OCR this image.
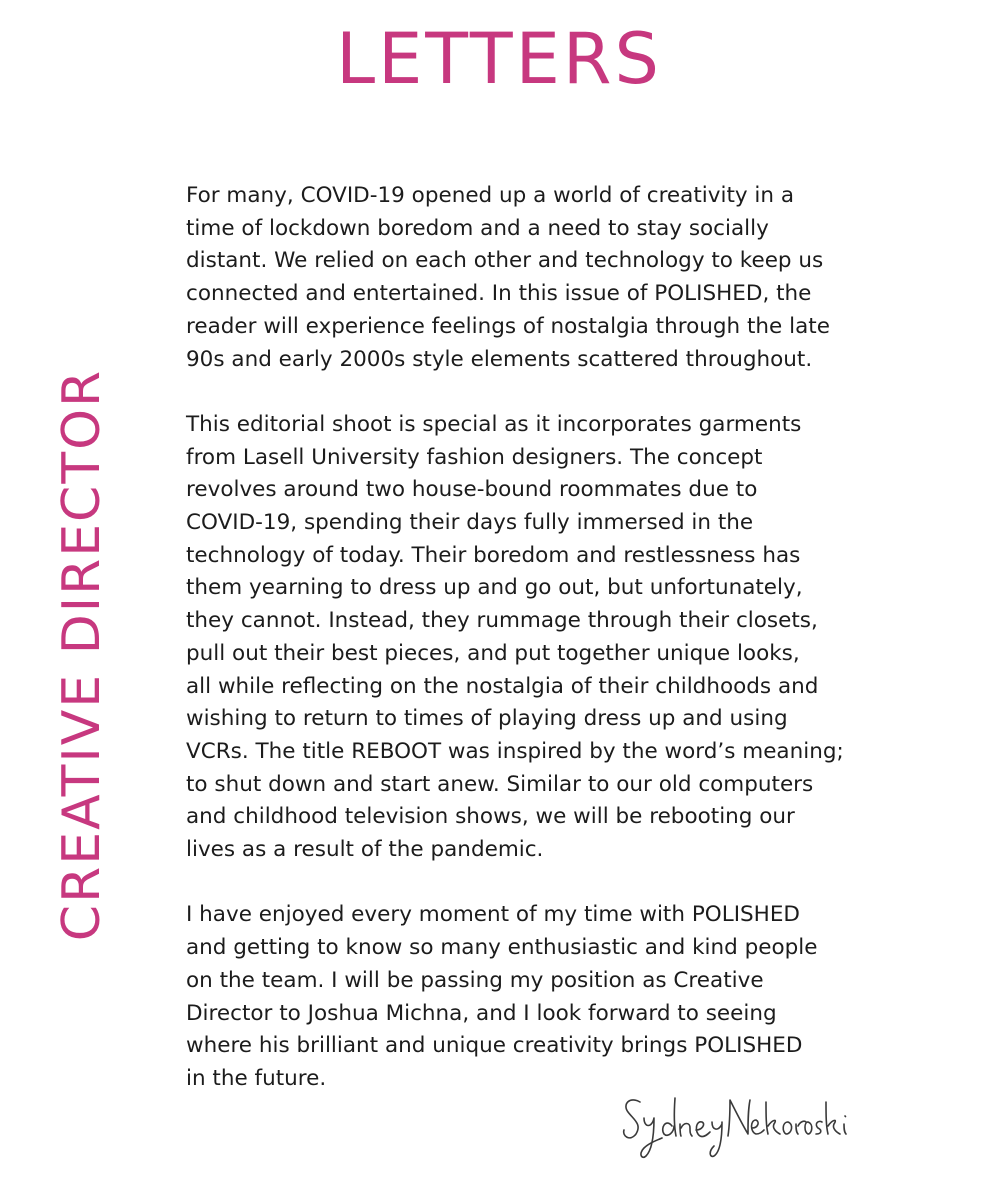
LETTERS
CREATIVE DIRECTOR

For many, COVID-19 opened up a world of creativity in a
time of lockdown boredom and a need to stay socially
distant. We relied on each other and technology to keep us
connected and entertained. In this issue of POLISHED, the
reader will experience feelings of nostalgia through the late
90s and early 2000s style elements scattered throughout.

This editorial shoot is special as it incorporates garments
from Lasell University fashion designers. The concept
revolves around two house-bound roommates due to
COVID-19, spending their days fully immersed in the
technology of today. Their boredom and restlessness has
them yearning to dress up and go out, but unfortunately,
they cannot. Instead, they rummage through their closets,
pull out their best pieces, and put together unique looks,
all while reflecting on the nostalgia of their childhoods and
wishing to return to times of playing dress up and using
VCRs. The title REBOOT was inspired by the word’s meaning;
to shut down and start anew. Similar to our old computers
and childhood television shows, we will be rebooting our
lives as a result of the pandemic.

I have enjoyed every moment of my time with POLISHED
and getting to know so many enthusiastic and kind people
on the team. I will be passing my position as Creative
Director to Joshua Michna, and I look forward to seeing
where his brilliant and unique creativity brings POLISHED
in the future.
